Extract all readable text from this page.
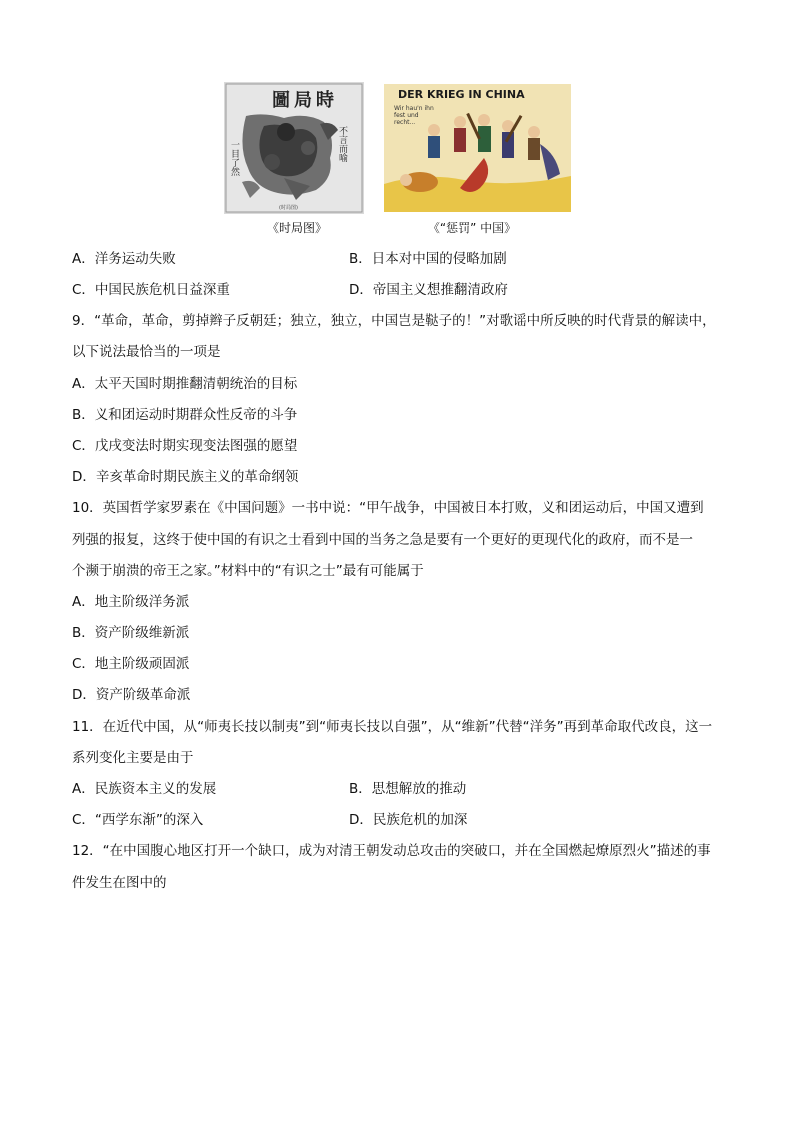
圖 局 時
不言而喻
一目了然
(时局图)
DER KRIEG IN CHINA
Wir hau'n ihn
fest und
recht...
《时局图》	《“惩罚” 中国》
A．洋务运动失败	B．日本对中国的侵略加剧
C．中国民族危机日益深重	D．帝国主义想推翻清政府
9．“革命，革命，剪掉辫子反朝廷；独立，独立，中国岂是鞑子的！”对歌谣中所反映的时代背景的解读中，
以下说法最恰当的一项是
A．太平天国时期推翻清朝统治的目标
B．义和团运动时期群众性反帝的斗争
C．戊戌变法时期实现变法图强的愿望
D．辛亥革命时期民族主义的革命纲领
10．英国哲学家罗素在《中国问题》一书中说：“甲午战争，中国被日本打败，义和团运动后，中国又遭到
列强的报复，这终于使中国的有识之士看到中国的当务之急是要有一个更好的更现代化的政府，而不是一
个濒于崩溃的帝王之家。”材料中的“有识之士”最有可能属于
A．地主阶级洋务派
B．资产阶级维新派
C．地主阶级顽固派
D．资产阶级革命派
11．在近代中国，从“师夷长技以制夷”到“师夷长技以自强”，从“维新”代替“洋务”再到革命取代改良，这一
系列变化主要是由于
A．民族资本主义的发展	B．思想解放的推动
C．“西学东渐”的深入	D．民族危机的加深
12．“在中国腹心地区打开一个缺口，成为对清王朝发动总攻击的突破口，并在全国燃起燎原烈火”描述的事
件发生在图中的
